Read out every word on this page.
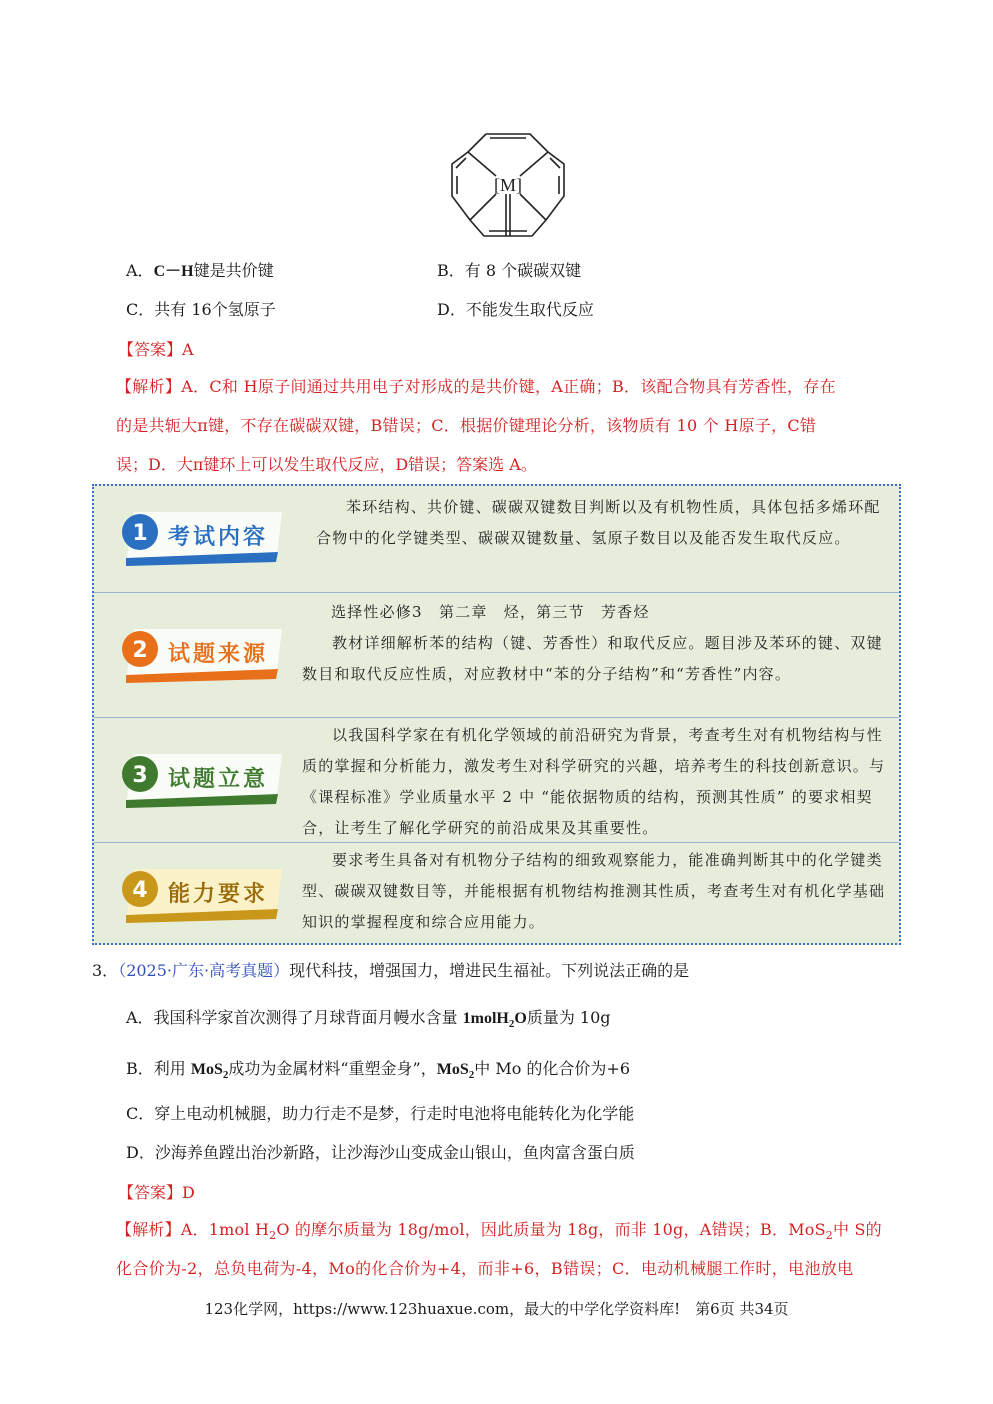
[M]
A．C－H键是共价键	B．有 8 个碳碳双键
C．共有 16个氢原子	D．不能发生取代反应
【答案】A
【解析】A．C和 H原子间通过共用电子对形成的是共价键，A正确；B．该配合物具有芳香性，存在
的是共轭大π键，不存在碳碳双键，B错误；C．根据价键理论分析，该物质有 10 个 H原子，C错
误；D．大π键环上可以发生取代反应，D错误；答案选 A。
1 考试内容
苯环结构、共价键、碳碳双键数目判断以及有机物性质，具体包括多烯环配合物中的化学键类型、碳碳双键数量、氢原子数目以及能否发生取代反应。
2 试题来源
选择性必修3　第二章　烃，第三节　芳香烃
教材详细解析苯的结构（键、芳香性）和取代反应。题目涉及苯环的键、双键数目和取代反应性质，对应教材中“苯的分子结构”和“芳香性”内容。
3 试题立意
以我国科学家在有机化学领域的前沿研究为背景，考查考生对有机物结构与性质的掌握和分析能力，激发考生对科学研究的兴趣，培养考生的科技创新意识。与《课程标准》学业质量水平 2 中 “能依据物质的结构，预测其性质” 的要求相契合，让考生了解化学研究的前沿成果及其重要性。
4 能力要求
要求考生具备对有机物分子结构的细致观察能力，能准确判断其中的化学键类型、碳碳双键数目等，并能根据有机物结构推测其性质，考查考生对有机化学基础知识的掌握程度和综合应用能力。
3．（2025·广东·高考真题）现代科技，增强国力，增进民生福祉。下列说法正确的是
A．我国科学家首次测得了月球背面月幔水含量 1molH$_2$O质量为 10g
B．利用 MoS$_2$成功为金属材料“重塑金身”，MoS$_2$中 Mo 的化合价为+6
C．穿上电动机械腿，助力行走不是梦，行走时电池将电能转化为化学能
D．沙海养鱼蹚出治沙新路，让沙海沙山变成金山银山，鱼肉富含蛋白质
【答案】D
【解析】A．1mol $H_2O$ 的摩尔质量为 18g/mol，因此质量为 18g，而非 10g，A错误；B．MoS$_2$中 S的
化合价为-2，总负电荷为-4，Mo的化合价为+4，而非+6，B错误；C．电动机械腿工作时，电池放电
123化学网，https://www.123huaxue.com，最大的中学化学资料库!　第6页 共34页
